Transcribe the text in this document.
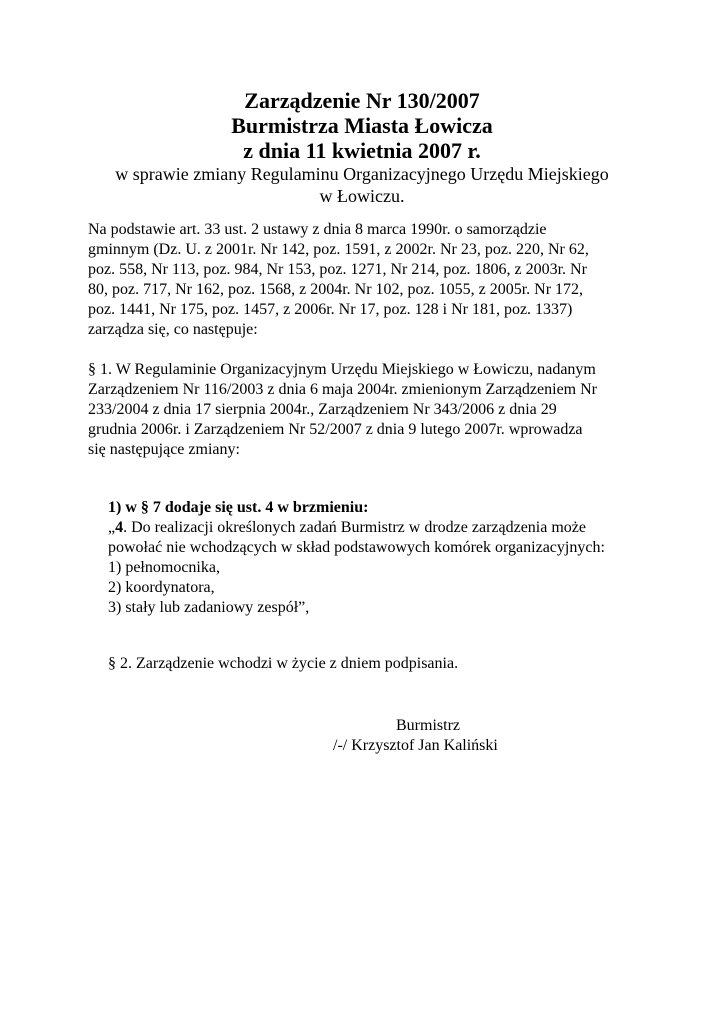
Zarządzenie Nr 130/2007
Burmistrza Miasta Łowicza
z dnia 11 kwietnia 2007 r.
w sprawie zmiany Regulaminu Organizacyjnego Urzędu Miejskiego
w Łowiczu.
Na podstawie art. 33 ust. 2 ustawy z dnia 8 marca 1990r. o samorządzie
gminnym (Dz. U. z 2001r. Nr 142, poz. 1591, z 2002r. Nr 23, poz. 220, Nr 62,
poz. 558, Nr 113, poz. 984, Nr 153, poz. 1271, Nr 214, poz. 1806, z 2003r. Nr
80, poz. 717, Nr 162, poz. 1568, z 2004r. Nr 102, poz. 1055, z 2005r. Nr 172,
poz. 1441, Nr 175, poz. 1457, z 2006r. Nr 17, poz. 128 i Nr 181, poz. 1337)
zarządza się, co następuje:
§ 1. W Regulaminie Organizacyjnym Urzędu Miejskiego w Łowiczu, nadanym
Zarządzeniem Nr 116/2003 z dnia 6 maja 2004r. zmienionym Zarządzeniem Nr
233/2004 z dnia 17 sierpnia 2004r., Zarządzeniem Nr 343/2006 z dnia 29
grudnia 2006r. i Zarządzeniem Nr 52/2007 z dnia 9 lutego 2007r. wprowadza
się następujące zmiany:
1) w § 7 dodaje się ust. 4 w brzmieniu:
„4. Do realizacji określonych zadań Burmistrz w drodze zarządzenia może
powołać nie wchodzących w skład podstawowych komórek organizacyjnych:
1) pełnomocnika,
2) koordynatora,
3) stały lub zadaniowy zespół”,
§ 2. Zarządzenie wchodzi w życie z dniem podpisania.
Burmistrz
/-/ Krzysztof Jan Kaliński
